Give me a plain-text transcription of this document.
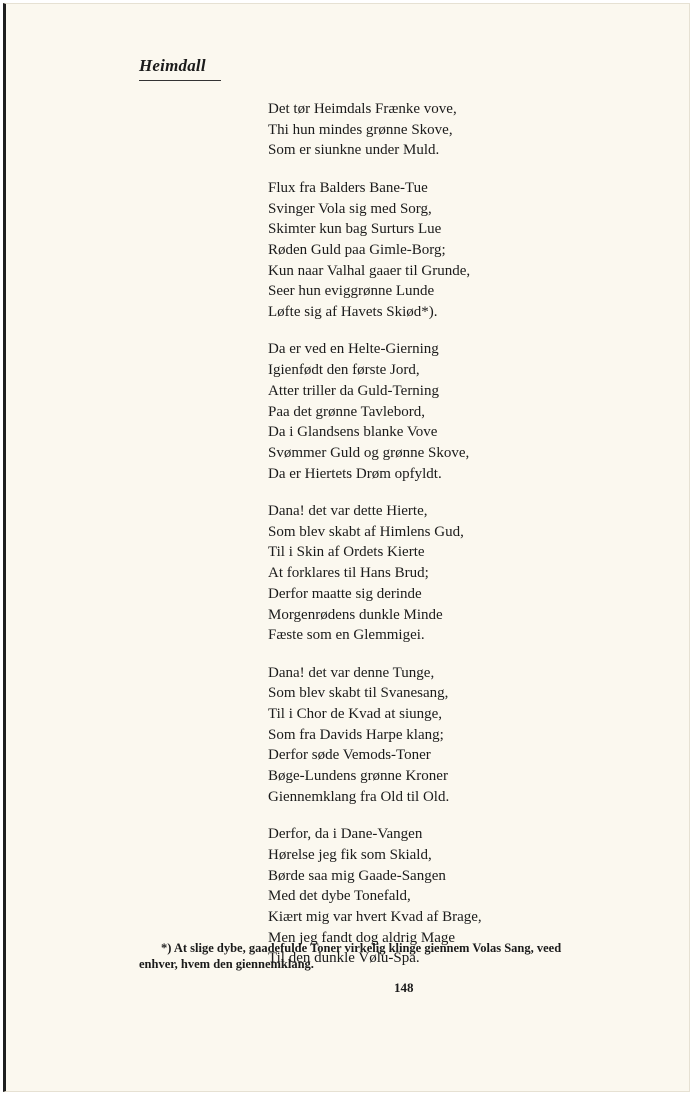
Heimdall
Det tør Heimdals Frænke vove,
Thi hun mindes grønne Skove,
Som er siunkne under Muld.
Flux fra Balders Bane-Tue
Svinger Vola sig med Sorg,
Skimter kun bag Surturs Lue
Røden Guld paa Gimle-Borg;
Kun naar Valhal gaaer til Grunde,
Seer hun eviggrønne Lunde
Løfte sig af Havets Skiød*).
Da er ved en Helte-Gierning
Igienfødt den første Jord,
Atter triller da Guld-Terning
Paa det grønne Tavlebord,
Da i Glandsens blanke Vove
Svømmer Guld og grønne Skove,
Da er Hiertets Drøm opfyldt.
Dana! det var dette Hierte,
Som blev skabt af Himlens Gud,
Til i Skin af Ordets Kierte
At forklares til Hans Brud;
Derfor maatte sig derinde
Morgenrødens dunkle Minde
Fæste som en Glemmigei.
Dana! det var denne Tunge,
Som blev skabt til Svanesang,
Til i Chor de Kvad at siunge,
Som fra Davids Harpe klang;
Derfor søde Vemods-Toner
Bøge-Lundens grønne Kroner
Giennemklang fra Old til Old.
Derfor, da i Dane-Vangen
Hørelse jeg fik som Skiald,
Børde saa mig Gaade-Sangen
Med det dybe Tonefald,
Kiært mig var hvert Kvad af Brage,
Men jeg fandt dog aldrig Mage
Til den dunkle Vølu-Spa.
*) At slige dybe, gaadefulde Toner virkelig klinge giennem Volas Sang, veed
enhver, hvem den giennemklang.
148
